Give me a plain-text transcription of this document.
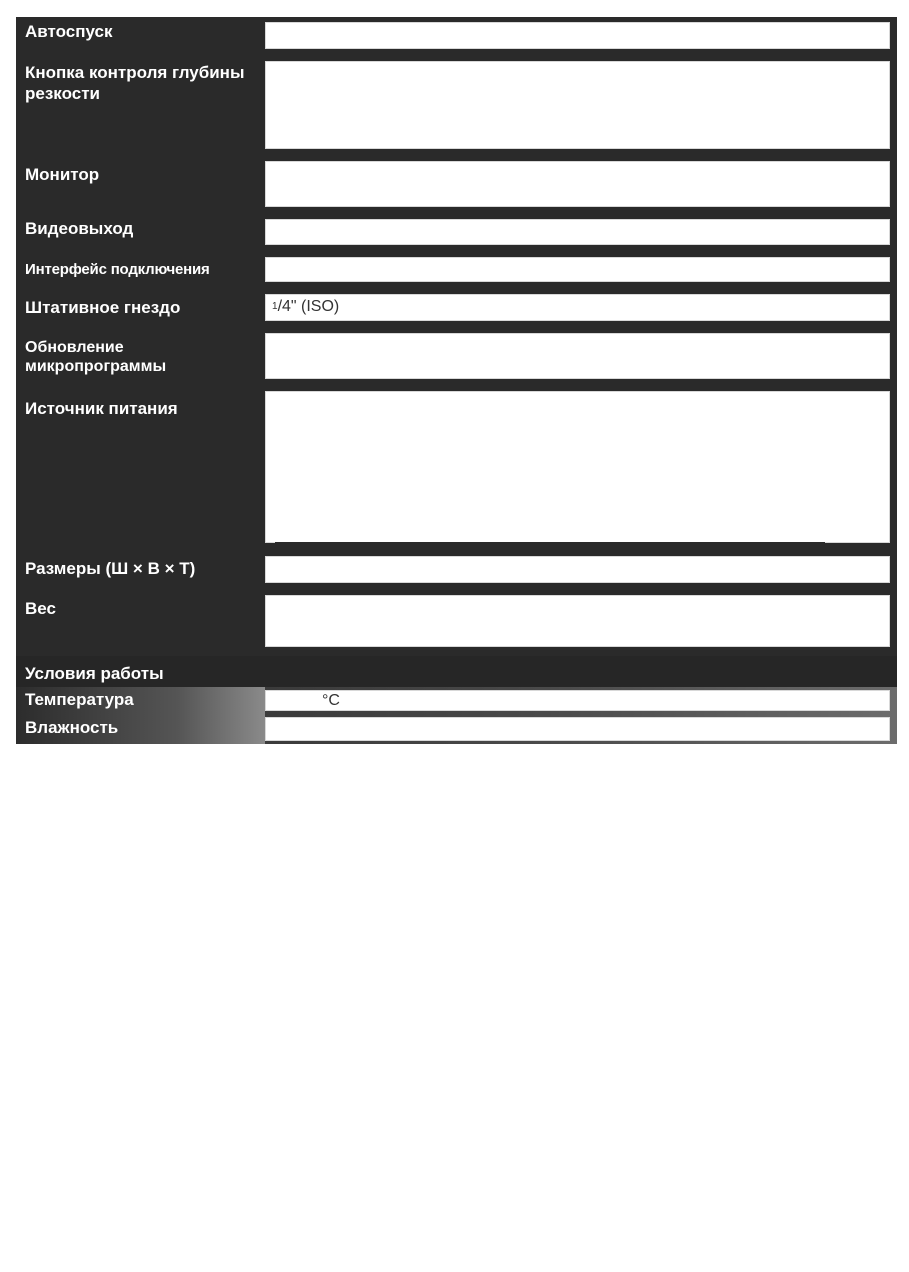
Автоспуск
Кнопка контроля глубины резкости
Монитор
Видеовыход
Интерфейс подключения
Штативное гнездо	$^1$/4" (ISO)
Обновление микропрограммы
Источник питания
Размеры (Ш × В × Т)
Вес
Условия работы
Температура	°C
Влажность
